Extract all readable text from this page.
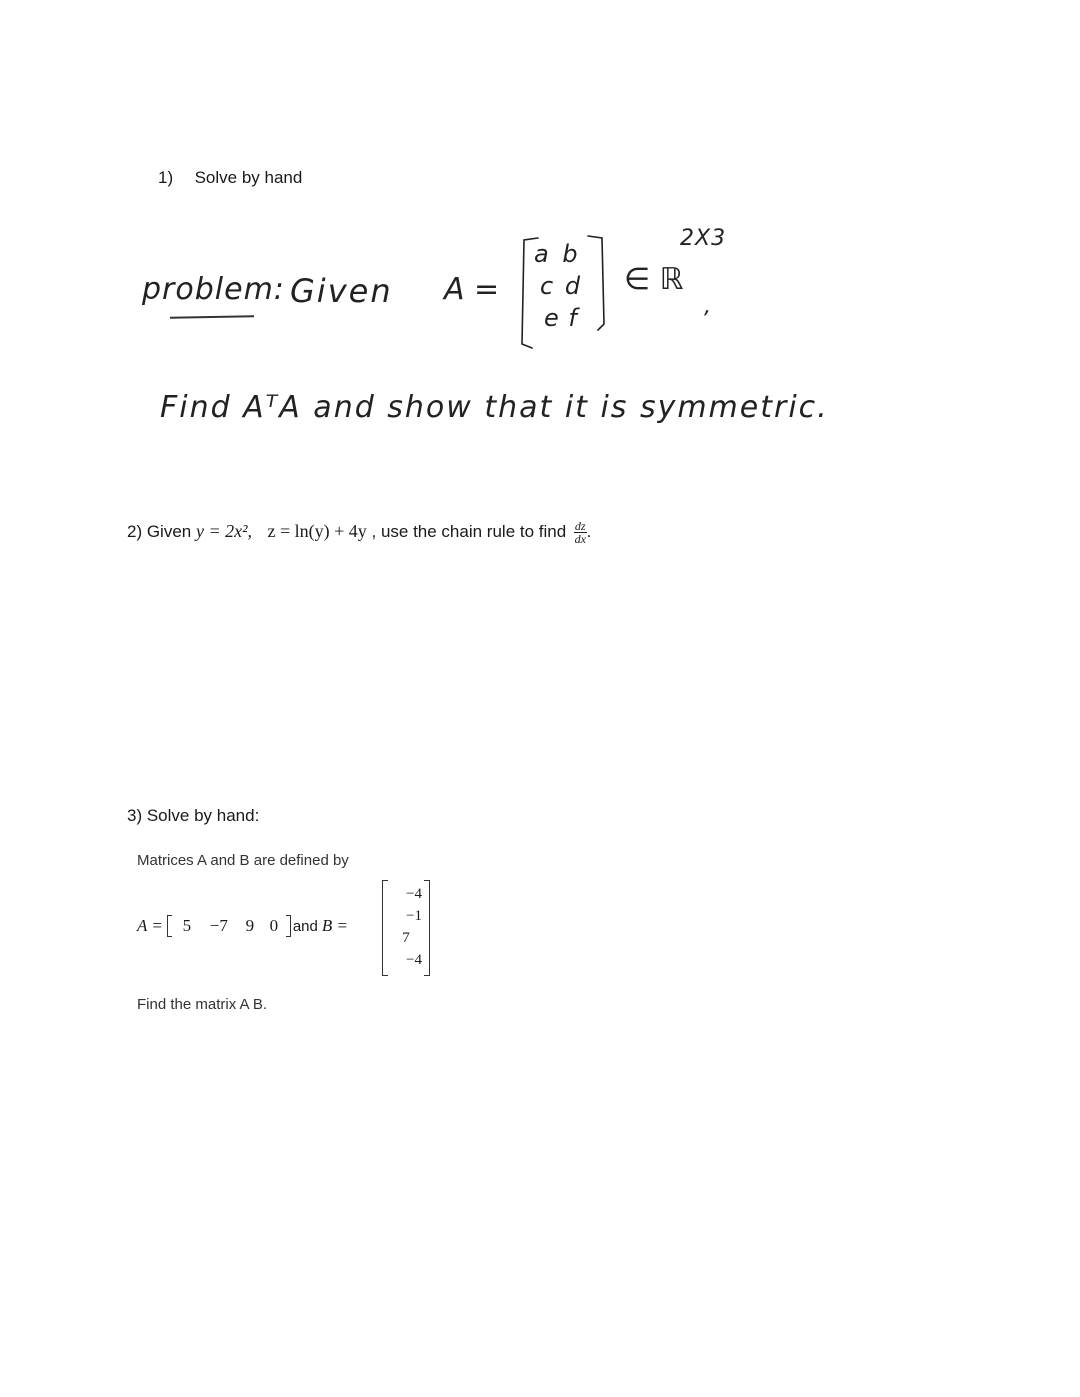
1) Solve by hand
problem: Given A =
a b
c d
e f
∈ ℝ
2X3
,
Find AᵀA and show that it is symmetric.
2) Given y = 2x², z = ln(y) + 4y , use the chain rule to find $\frac{dz}{dx}$ .
3) Solve by hand:
Matrices A and B are defined by
A =	5	−7	9 0 and B =
−4
−1
7
−4
Find the matrix A B.
